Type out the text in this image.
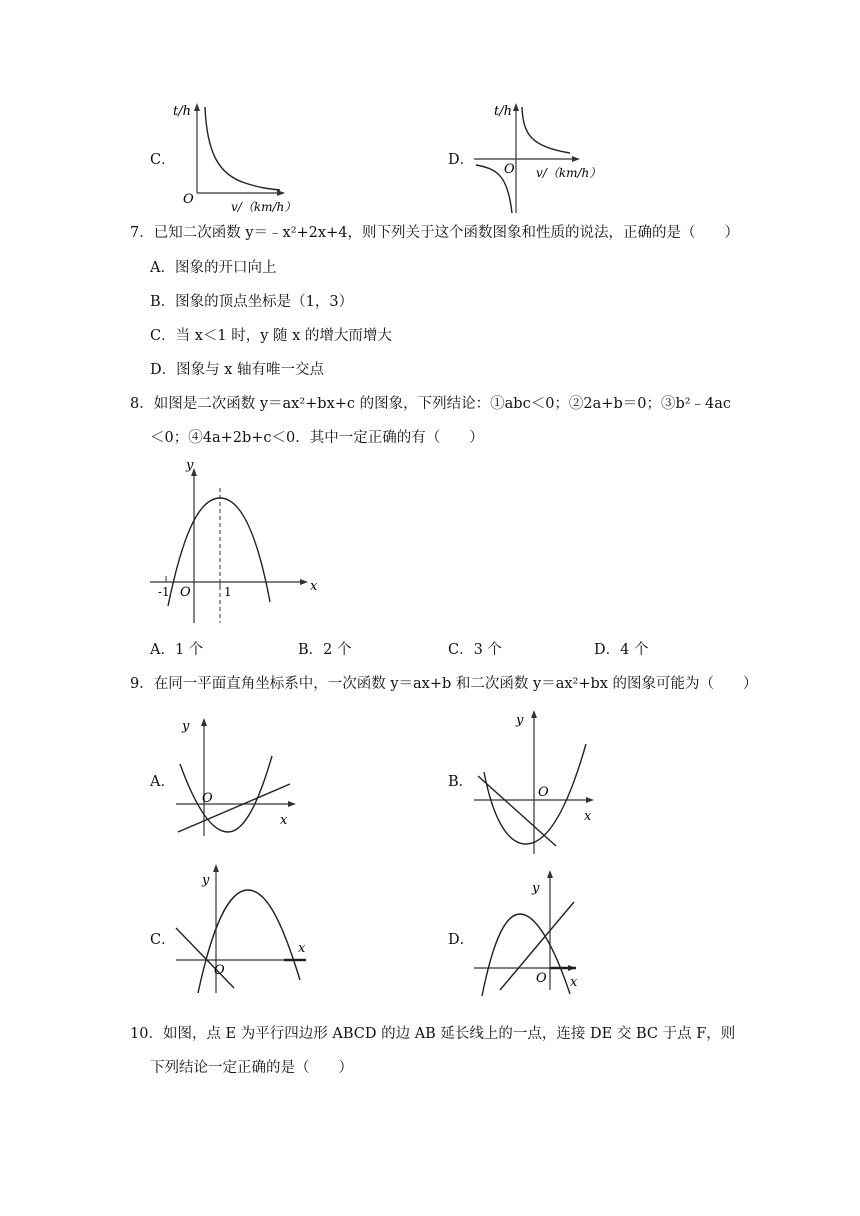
C．
t/h
O	v/（km/h）
D．
t/h
O v/（km/h）
7．已知二次函数 y＝﹣x²+2x+4，则下列关于这个函数图象和性质的说法，正确的是（　　）
A．图象的开口向上
B．图象的顶点坐标是（1，3）
C．当 x＜1 时，y 随 x 的增大而增大
D．图象与 x 轴有唯一交点
8．如图是二次函数 y＝ax²+bx+c 的图象，下列结论：①abc＜0；②2a+b＝0；③b²﹣4ac
＜0；④4a+2b+c＜0．其中一定正确的有（　　）
y
x
O
-1	1
A．1 个	B．2 个	C．3 个	D．4 个
9．在同一平面直角坐标系中，一次函数 y＝ax+b 和二次函数 y＝ax²+bx 的图象可能为（　　）
A．
y
O
x
B．
y
O
x
C．
y
O
x
D．
y
O x
10．如图，点 E 为平行四边形 ABCD 的边 AB 延长线上的一点，连接 DE 交 BC 于点 F，则
下列结论一定正确的是（　　）
